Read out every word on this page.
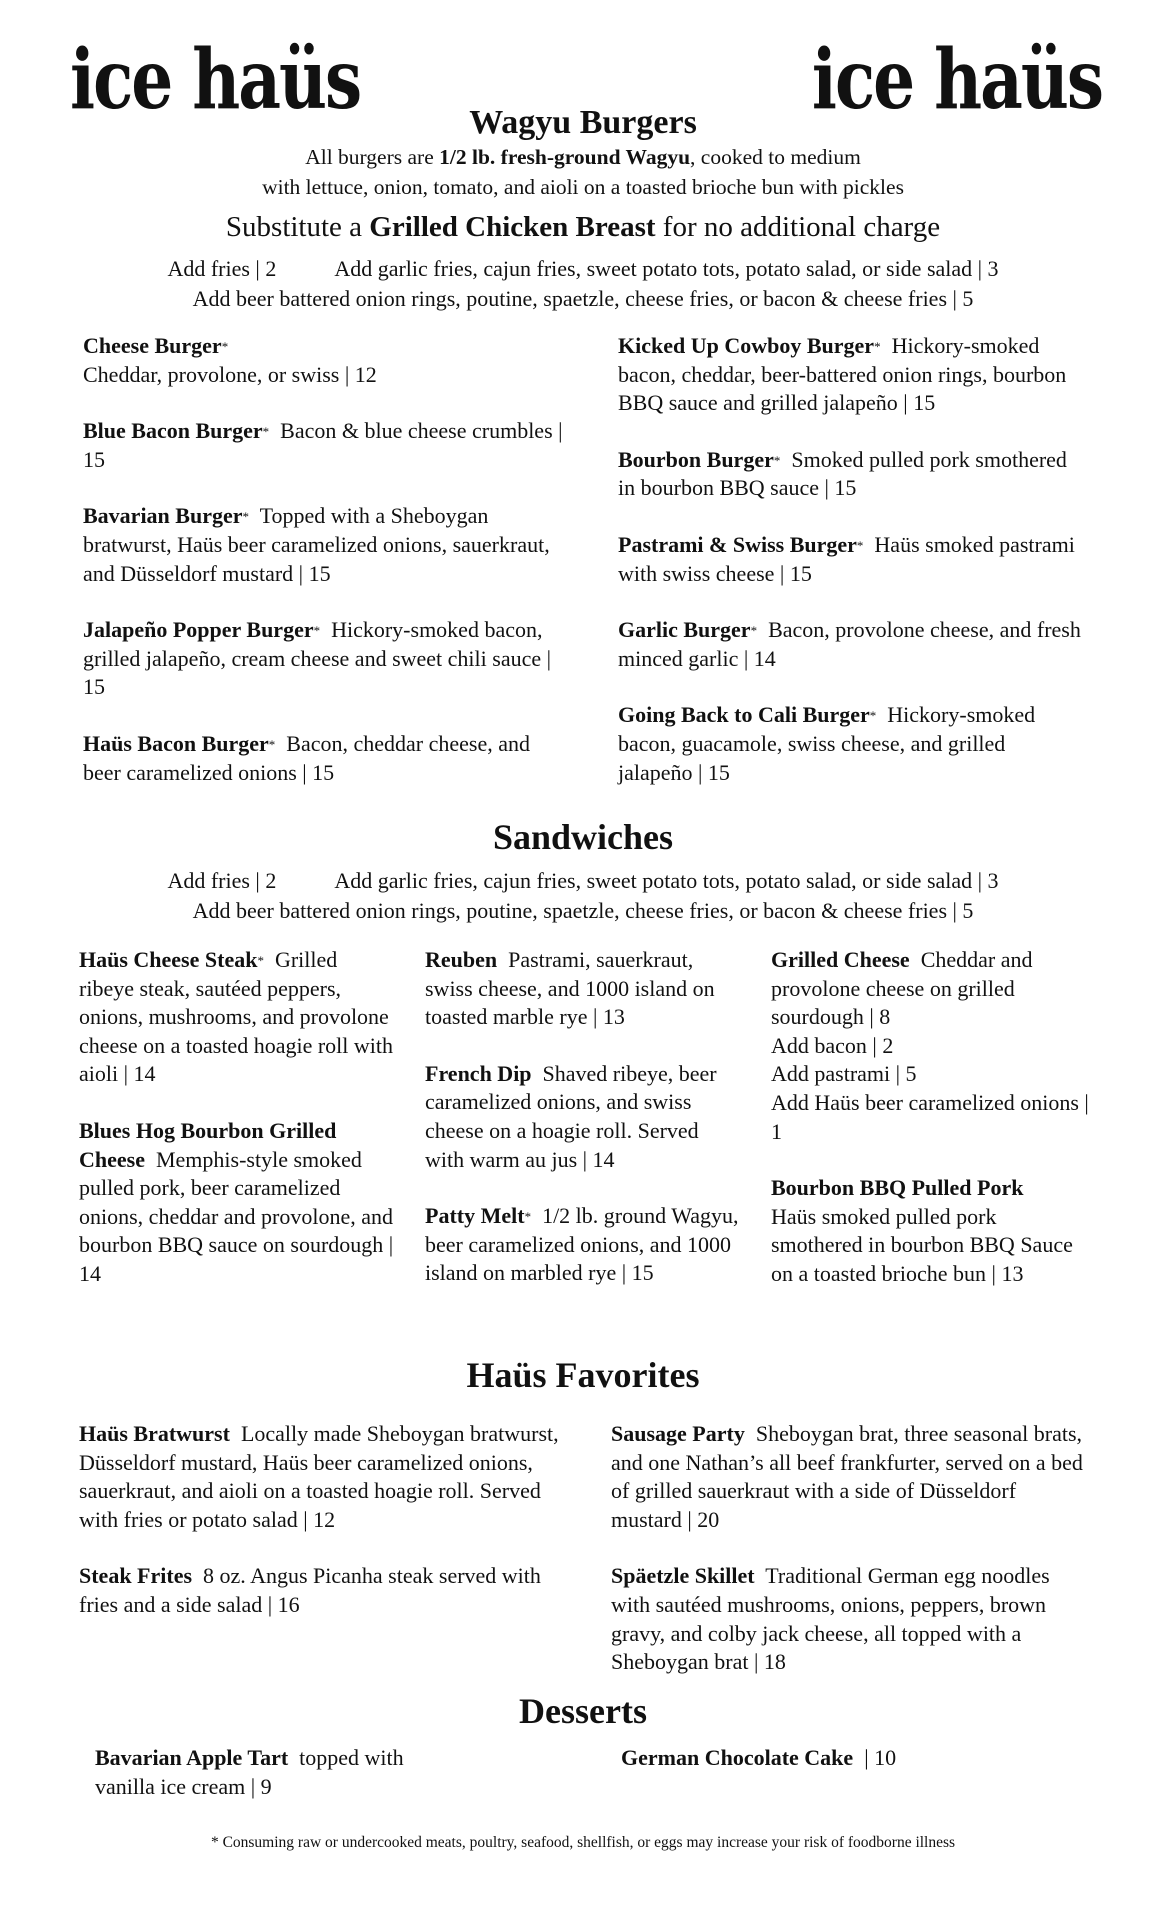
ice haüs	ice haüs
Wagyu Burgers
All burgers are 1/2 lb. fresh-ground Wagyu, cooked to medium
with lettuce, onion, tomato, and aioli on a toasted brioche bun with pickles
Substitute a Grilled Chicken Breast for no additional charge
Add fries | 2	Add garlic fries, cajun fries, sweet potato tots, potato salad, or side salad | 3
Add beer battered onion rings, poutine, spaetzle, cheese fries, or bacon & cheese fries | 5
Cheese Burger*
Cheddar, provolone, or swiss | 12
Blue Bacon Burger* Bacon & blue cheese crumbles | 15
Bavarian Burger* Topped with a Sheboygan bratwurst, Haüs beer caramelized onions, sauerkraut, and Düsseldorf mustard | 15
Jalapeño Popper Burger* Hickory-smoked bacon, grilled jalapeño, cream cheese and sweet chili sauce | 15
Haüs Bacon Burger* Bacon, cheddar cheese, and beer caramelized onions | 15
Kicked Up Cowboy Burger* Hickory-smoked bacon, cheddar, beer-battered onion rings, bourbon BBQ sauce and grilled jalapeño | 15
Bourbon Burger* Smoked pulled pork smothered in bourbon BBQ sauce | 15
Pastrami & Swiss Burger* Haüs smoked pastrami with swiss cheese | 15
Garlic Burger* Bacon, provolone cheese, and fresh minced garlic | 14
Going Back to Cali Burger* Hickory-smoked bacon, guacamole, swiss cheese, and grilled jalapeño | 15
Sandwiches
Add fries | 2	Add garlic fries, cajun fries, sweet potato tots, potato salad, or side salad | 3
Add beer battered onion rings, poutine, spaetzle, cheese fries, or bacon & cheese fries | 5
Haüs Cheese Steak* Grilled ribeye steak, sautéed peppers, onions, mushrooms, and provolone cheese on a toasted hoagie roll with aioli | 14
Blues Hog Bourbon Grilled Cheese Memphis-style smoked pulled pork, beer caramelized onions, cheddar and provolone, and bourbon BBQ sauce on sourdough | 14
Reuben Pastrami, sauerkraut, swiss cheese, and 1000 island on toasted marble rye | 13
French Dip Shaved ribeye, beer caramelized onions, and swiss cheese on a hoagie roll. Served with warm au jus | 14
Patty Melt* 1/2 lb. ground Wagyu, beer caramelized onions, and 1000 island on marbled rye | 15
Grilled Cheese Cheddar and provolone cheese on grilled sourdough | 8
Add bacon | 2
Add pastrami | 5
Add Haüs beer caramelized onions | 1
Bourbon BBQ Pulled Pork
Haüs smoked pulled pork smothered in bourbon BBQ Sauce on a toasted brioche bun | 13
Haüs Favorites
Haüs Bratwurst Locally made Sheboygan bratwurst, Düsseldorf mustard, Haüs beer caramelized onions, sauerkraut, and aioli on a toasted hoagie roll. Served with fries or potato salad | 12
Steak Frites 8 oz. Angus Picanha steak served with fries and a side salad | 16
Sausage Party Sheboygan brat, three seasonal brats, and one Nathan’s all beef frankfurter, served on a bed of grilled sauerkraut with a side of Düsseldorf mustard | 20
Späetzle Skillet Traditional German egg noodles with sautéed mushrooms, onions, peppers, brown gravy, and colby jack cheese, all topped with a Sheboygan brat | 18
Desserts
Bavarian Apple Tart topped with vanilla ice cream | 9
German Chocolate Cake | 10
* Consuming raw or undercooked meats, poultry, seafood, shellfish, or eggs may increase your risk of foodborne illness
